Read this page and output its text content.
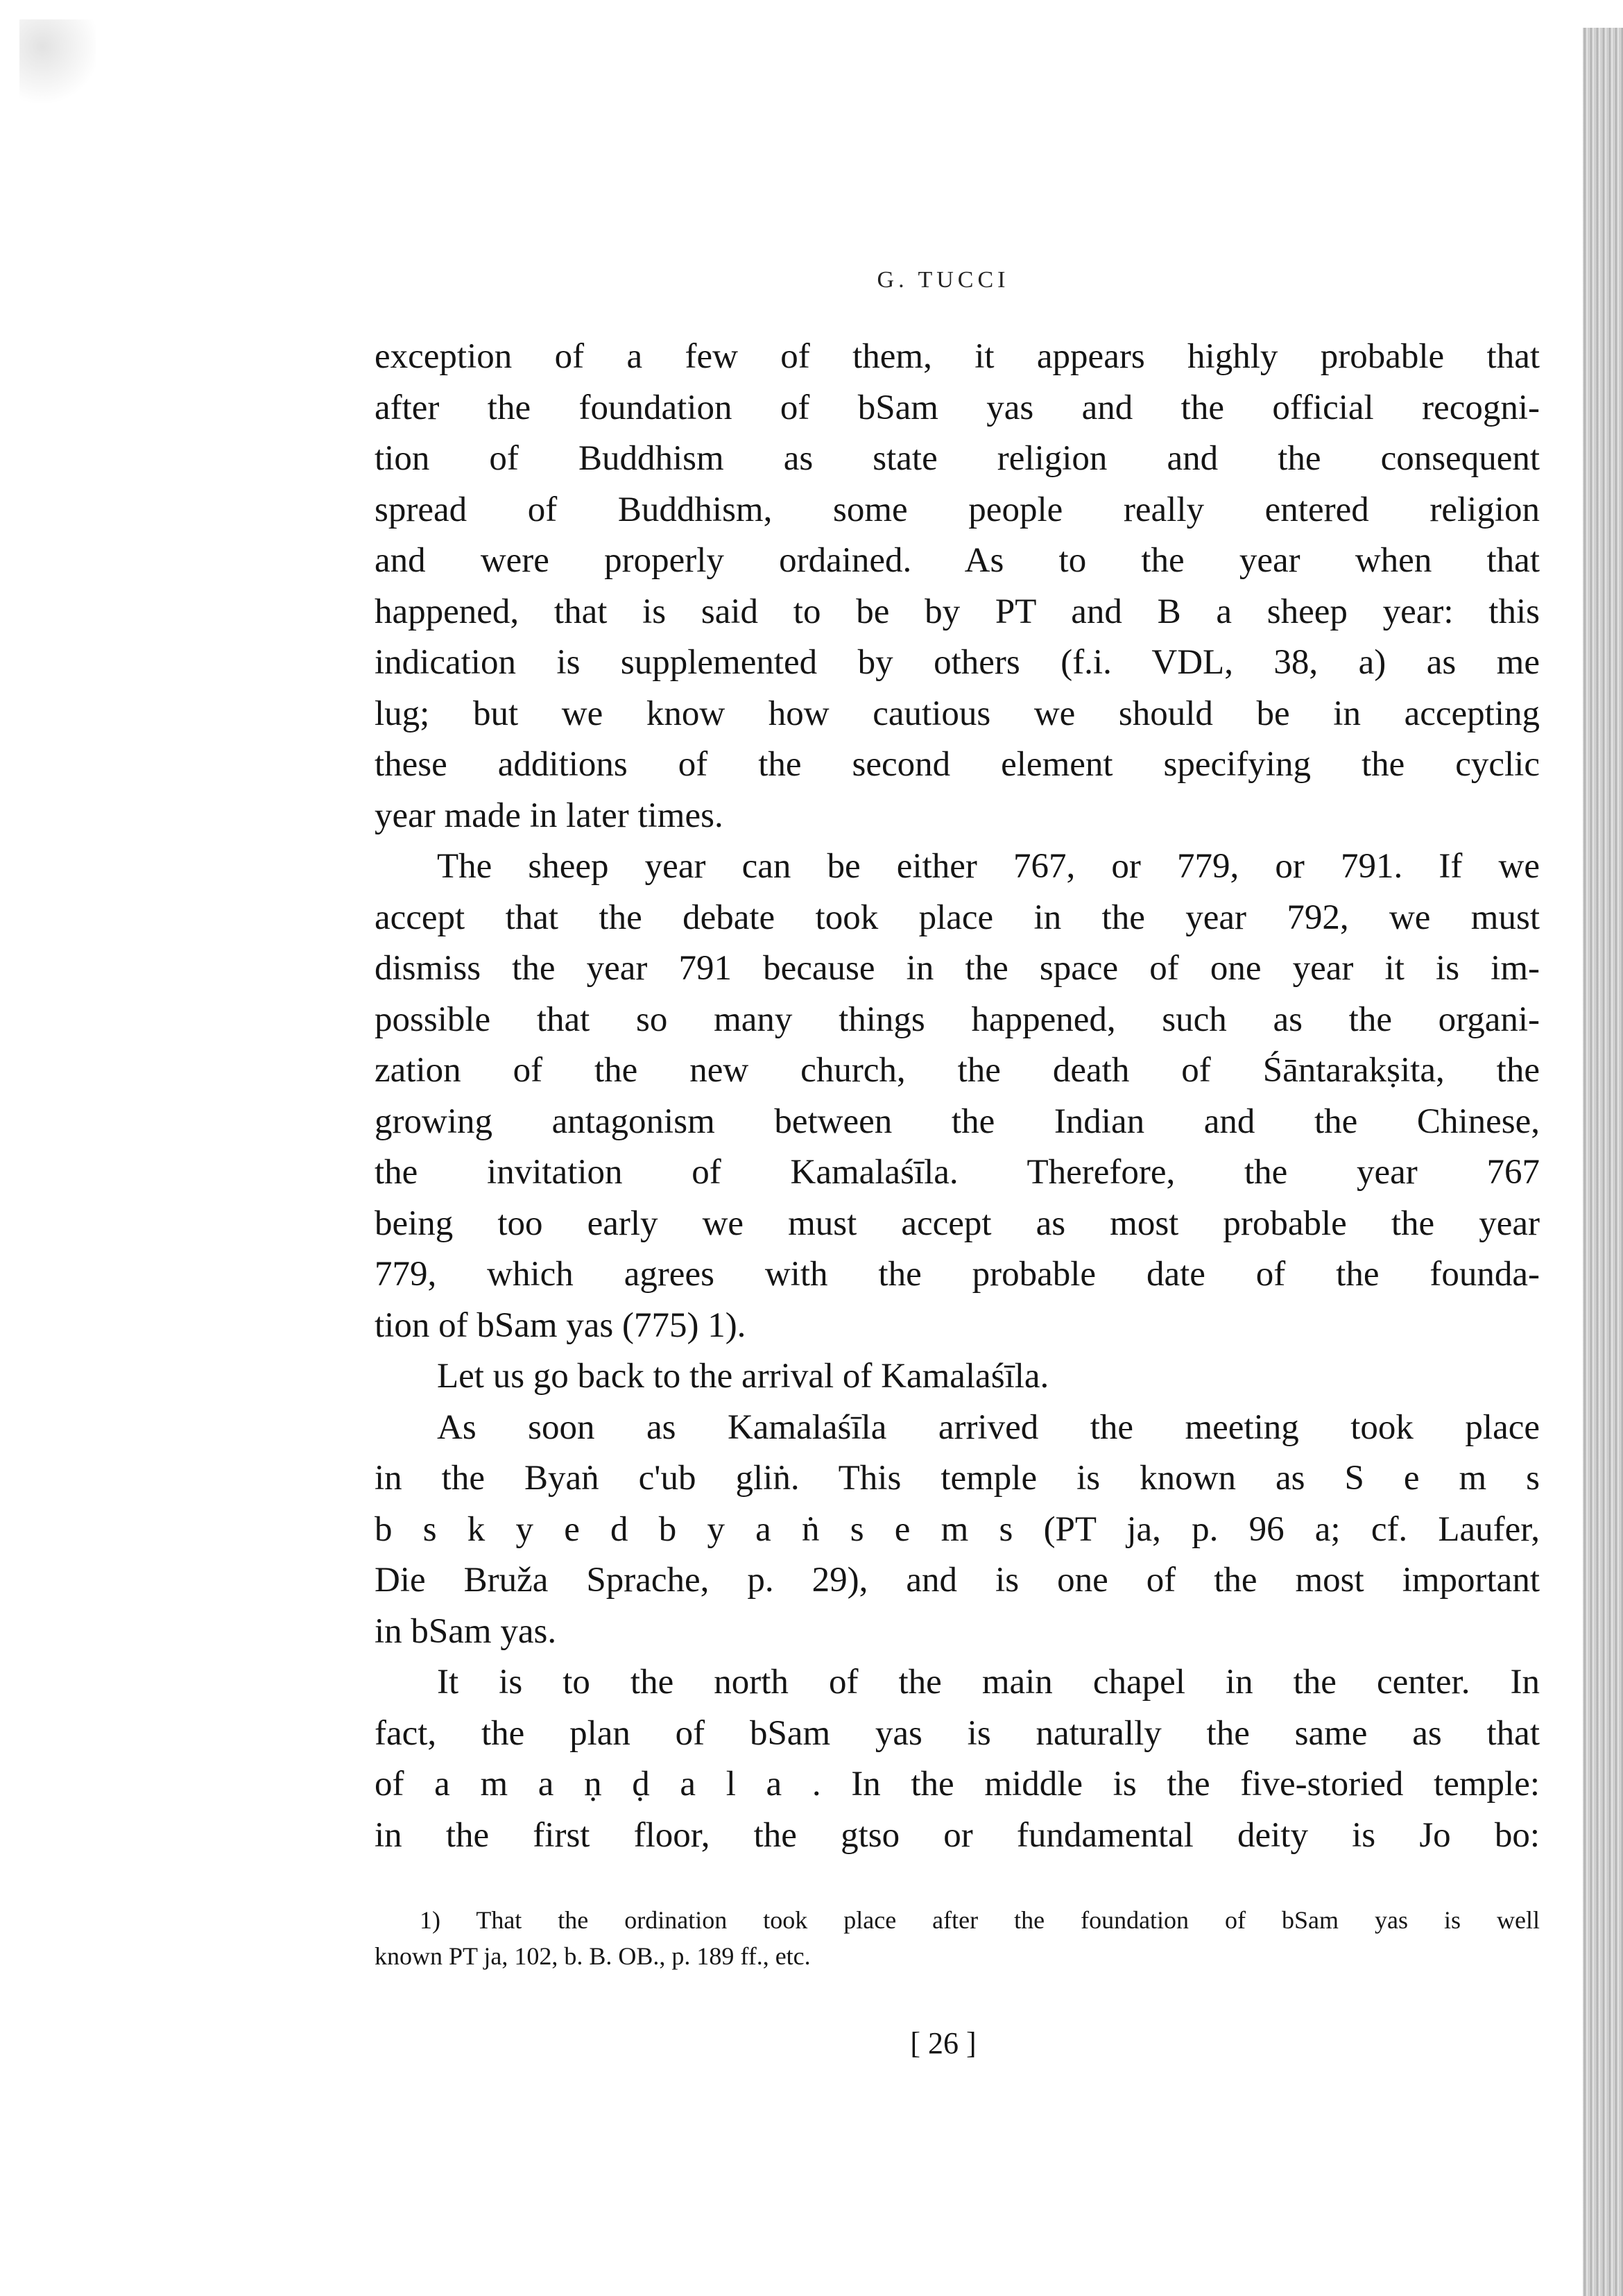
G. TUCCI
exception of a few of them, it appears highly probable that
after the foundation of bSam yas and the official recogni-
tion of Buddhism as state religion and the consequent
spread of Buddhism, some people really entered religion
and were properly ordained. As to the year when that
happened, that is said to be by PT and B a sheep year: this
indication is supplemented by others (f.i. VDL, 38, a) as me
lug; but we know how cautious we should be in accepting
these additions of the second element specifying the cyclic
year made in later times.
The sheep year can be either 767, or 779, or 791. If we
accept that the debate took place in the year 792, we must
dismiss the year 791 because in the space of one year it is im-
possible that so many things happened, such as the organi-
zation of the new church, the death of Śāntarakṣita, the
growing antagonism between the Indian and the Chinese,
the invitation of Kamalaśīla. Therefore, the year 767
being too early we must accept as most probable the year
779, which agrees with the probable date of the founda-
tion of bSam yas (775) 1).
Let us go back to the arrival of Kamalaśīla.
As soon as Kamalaśīla arrived the meeting took place
in the Byaṅ c'ub gliṅ. This temple is known as S e m s
b s k y e d b y a ṅ s e m s (PT ja, p. 96 a; cf. Laufer,
Die Bruža Sprache, p. 29), and is one of the most important
in bSam yas.
It is to the north of the main chapel in the center. In
fact, the plan of bSam yas is naturally the same as that
of a m a ṇ ḍ a l a . In the middle is the five-storied temple:
in the first floor, the gtso or fundamental deity is Jo bo:
1) That the ordination took place after the foundation of bSam yas is well
known PT ja, 102, b. B. OB., p. 189 ff., etc.
[ 26 ]
